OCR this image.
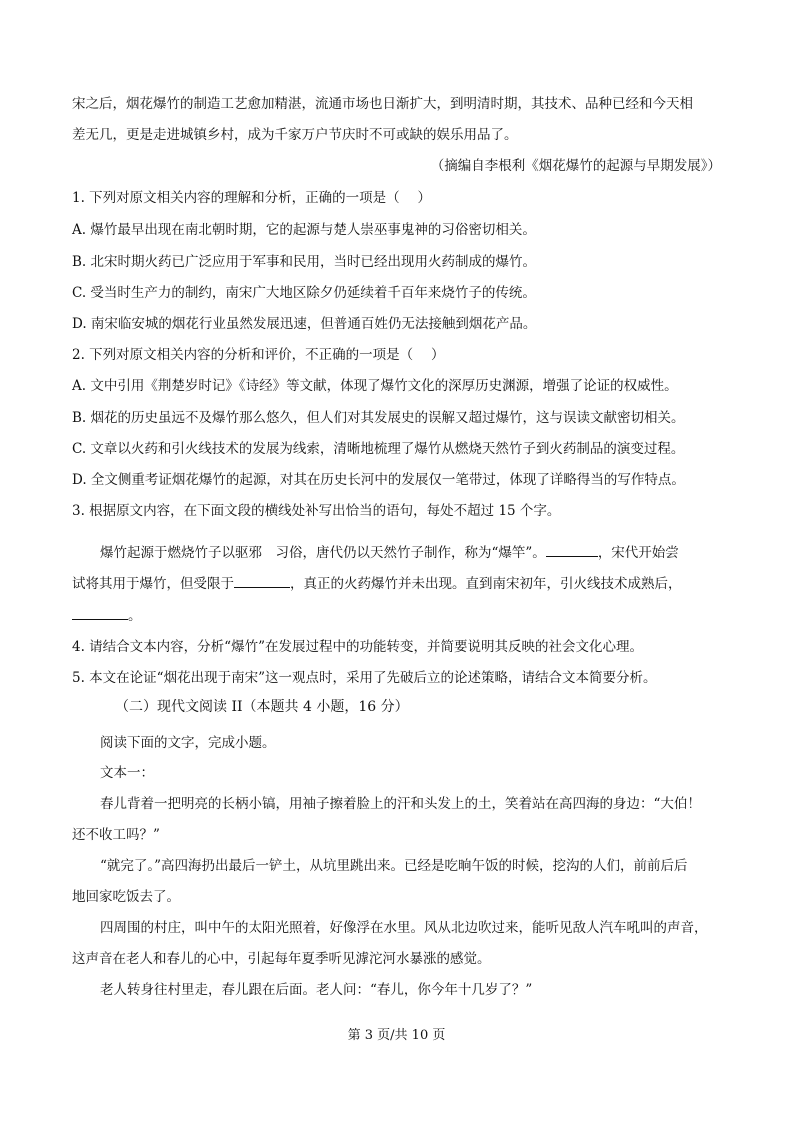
宋之后，烟花爆竹的制造工艺愈加精湛，流通市场也日渐扩大，到明清时期，其技术、品种已经和今天相
差无几，更是走进城镇乡村，成为千家万户节庆时不可或缺的娱乐用品了。
（摘编自李根利《烟花爆竹的起源与早期发展》）
1. 下列对原文相关内容的理解和分析，正确的一项是（　 ）
A. 爆竹最早出现在南北朝时期，它的起源与楚人崇巫事鬼神的习俗密切相关。
B. 北宋时期火药已广泛应用于军事和民用，当时已经出现用火药制成的爆竹。
C. 受当时生产力的制约，南宋广大地区除夕仍延续着千百年来烧竹子的传统。
D. 南宋临安城的烟花行业虽然发展迅速，但普通百姓仍无法接触到烟花产品。
2. 下列对原文相关内容的分析和评价，不正确的一项是（　 ）
A. 文中引用《荆楚岁时记》《诗经》等文献，体现了爆竹文化的深厚历史渊源，增强了论证的权威性。
B. 烟花的历史虽远不及爆竹那么悠久，但人们对其发展史的误解又超过爆竹，这与误读文献密切相关。
C. 文章以火药和引火线技术的发展为线索，清晰地梳理了爆竹从燃烧天然竹子到火药制品的演变过程。
D. 全文侧重考证烟花爆竹的起源，对其在历史长河中的发展仅一笔带过，体现了详略得当的写作特点。
3. 根据原文内容，在下面文段的横线处补写出恰当的语句，每处不超过 15 个字。
爆竹起源于燃烧竹子以驱邪　习俗，唐代仍以天然竹子制作，称为“爆竿”。	，宋代开始尝
试将其用于爆竹，但受限于	，真正的火药爆竹并未出现。直到南宋初年，引火线技术成熟后，
。
4. 请结合文本内容，分析“爆竹”在发展过程中的功能转变，并简要说明其反映的社会文化心理。
5. 本文在论证“烟花出现于南宋”这一观点时，采用了先破后立的论述策略，请结合文本简要分析。
（二）现代文阅读 II（本题共 4 小题，16 分）
阅读下面的文字，完成小题。
文本一：
春儿背着一把明亮的长柄小镐，用袖子擦着脸上的汗和头发上的土，笑着站在高四海的身边：“大伯！
还不收工吗？”
“就完了。”高四海扔出最后一铲土，从坑里跳出来。已经是吃晌午饭的时候，挖沟的人们，前前后后
地回家吃饭去了。
四周围的村庄，叫中午的太阳光照着，好像浮在水里。风从北边吹过来，能听见敌人汽车吼叫的声音，
这声音在老人和春儿的心中，引起每年夏季听见滹沱河水暴涨的感觉。
老人转身往村里走，春儿跟在后面。老人问：“春儿，你今年十几岁了？”
第 3 页/共 10 页
